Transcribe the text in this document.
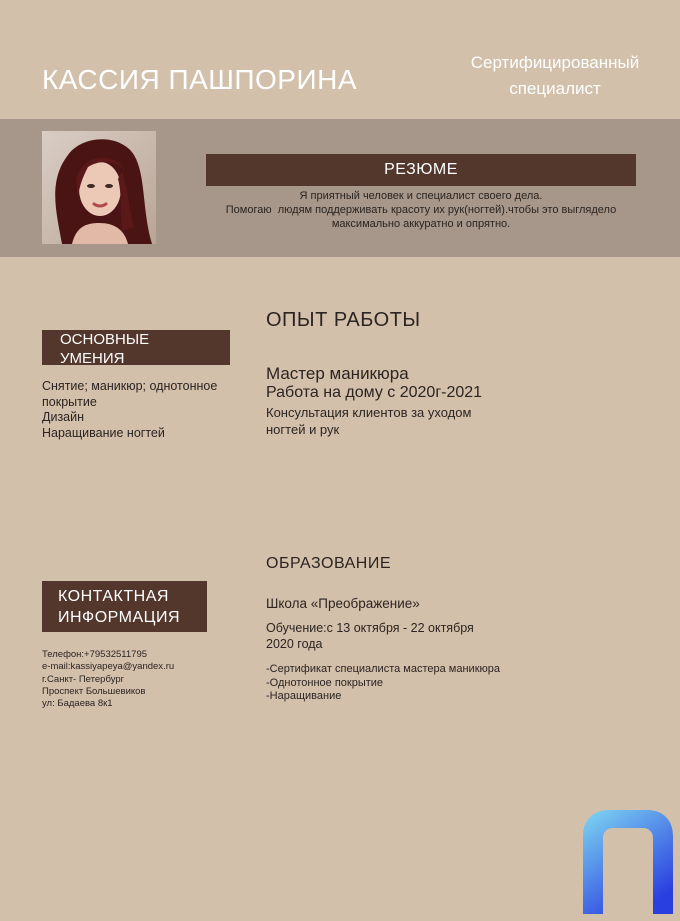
КАССИЯ ПАШПОРИНА
Сертифицированный
специалист
РЕЗЮМЕ
Я приятный человек и специалист своего дела.
Помогаю  людям поддерживать красоту их рук(ногтей).чтобы это выглядело
максимально аккуратно и опрятно.
ОСНОВНЫЕ УМЕНИЯ
Снятие; маникюр; однотонное покрытие
Дизайн
Наращивание ногтей
ОПЫТ РАБОТЫ
Мастер маникюра
Работа на дому с 2020г-2021
Консультация клиентов за уходом ногтей и рук
КОНТАКТНАЯ ИНФОРМАЦИЯ
Телефон:+79532511795
e-mail:kassiyapeya@yandex.ru
г.Санкт- Петербург
Проспект Большевиков
ул: Бадаева 8к1
ОБРАЗОВАНИЕ
Школа «Преображение»
Обучение:с 13 октября - 22 октября 2020 года
-Сертификат специалиста мастера маникюра
-Однотонное покрытие
-Наращивание
